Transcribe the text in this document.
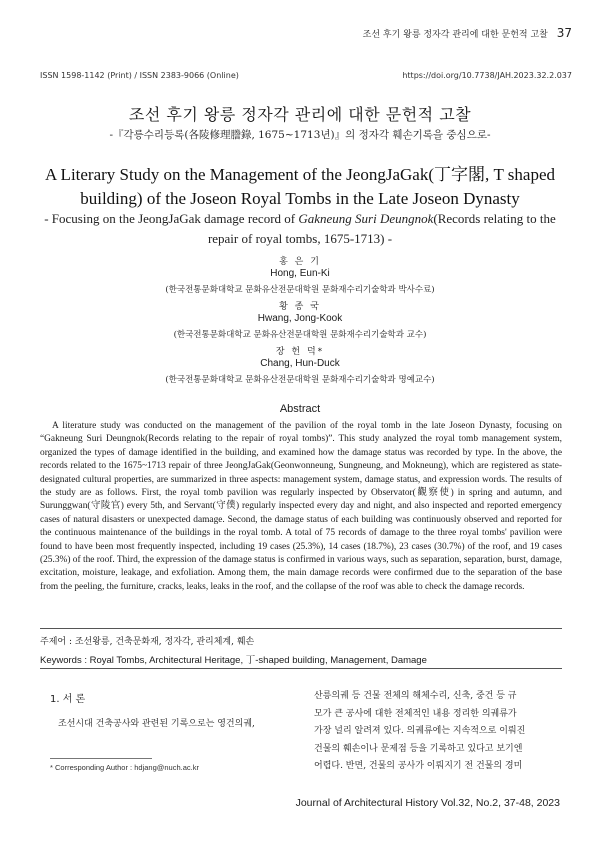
조선 후기 왕릉 정자각 관리에 대한 문헌적 고찰 37
ISSN 1598-1142 (Print) / ISSN 2383-9066 (Online)	https://doi.org/10.7738/JAH.2023.32.2.037
조선 후기 왕릉 정자각 관리에 대한 문헌적 고찰
-『각릉수리등록(各陵修理謄錄, 1675∼1713년)』의 정자각 훼손기록을 중심으로-
A Literary Study on the Management of the JeongJaGak(丁字閣, T shaped
building) of the Joseon Royal Tombs in the Late Joseon Dynasty
- Focusing on the JeongJaGak damage record of Gakneung Suri Deungnok(Records relating to the repair of royal tombs, 1675-1713) -
홍 은 기
Hong, Eun-Ki
(한국전통문화대학교 문화유산전문대학원 문화재수리기술학과 박사수료)
황 종 국
Hwang, Jong-Kook
(한국전통문화대학교 문화유산전문대학원 문화재수리기술학과 교수)
장 헌 덕*
Chang, Hun-Duck
(한국전통문화대학교 문화유산전문대학원 문화재수리기술학과 명예교수)
Abstract

A literature study was conducted on the management of the pavilion of the royal tomb in the late Joseon Dynasty, focusing on “Gakneung Suri Deungnok(Records relating to the repair of royal tombs)”. This study analyzed the royal tomb management system, organized the types of damage identified in the building, and examined how the damage status was recorded by type. In the above, the records related to the 1675~1713 repair of three JeongJaGak(Geonwonneung, Sungneung, and Mokneung), which are registered as state-designated cultural properties, are summarized in three aspects: management system, damage status, and expression words. The results of the study are as follows. First, the royal tomb pavilion was regularly inspected by Observator(觀察使) in spring and autumn, and Surunggwan(守陵官) every 5th, and Servant(守僕) regularly inspected every day and night, and also inspected and reported emergency cases of natural disasters or unexpected damage. Second, the damage status of each building was continuously observed and reported for the continuous maintenance of the buildings in the royal tomb. A total of 75 records of damage to the three royal tombs' pavilion were found to have been most frequently inspected, including 19 cases (25.3%), 14 cases (18.7%), 23 cases (30.7%) of the roof, and 19 cases (25.3%) of the roof. Third, the expression of the damage status is confirmed in various ways, such as separation, separation, burst, damage, excitation, moisture, leakage, and exfoliation. Among them, the main damage records were confirmed due to the separation of the base from the peeling, the furniture, cracks, leaks, leaks in the roof, and the collapse of the roof was able to check the damage records.

주제어 : 조선왕릉, 건축문화재, 정자각, 관리체계, 훼손
Keywords : Royal Tombs, Architectural Heritage, 丁-shaped building, Management, Damage
1. 서 론

조선시대 건축공사와 관련된 기록으로는 영건의궤,

* Corresponding Author : hdjang@nuch.ac.kr
산릉의궤 등 건물 전체의 해체수리, 신축, 중건 등 규
모가 큰 공사에 대한 전체적인 내용 정리한 의궤류가
가장 널리 알려져 있다. 의궤류에는 지속적으로 이뤄진
건물의 훼손이나 문제점 등을 기록하고 있다고 보기엔
어렵다. 반면, 건물의 공사가 이뤄지기 전 건물의 경미
Journal of Architectural History Vol.32, No.2, 37-48, 2023
